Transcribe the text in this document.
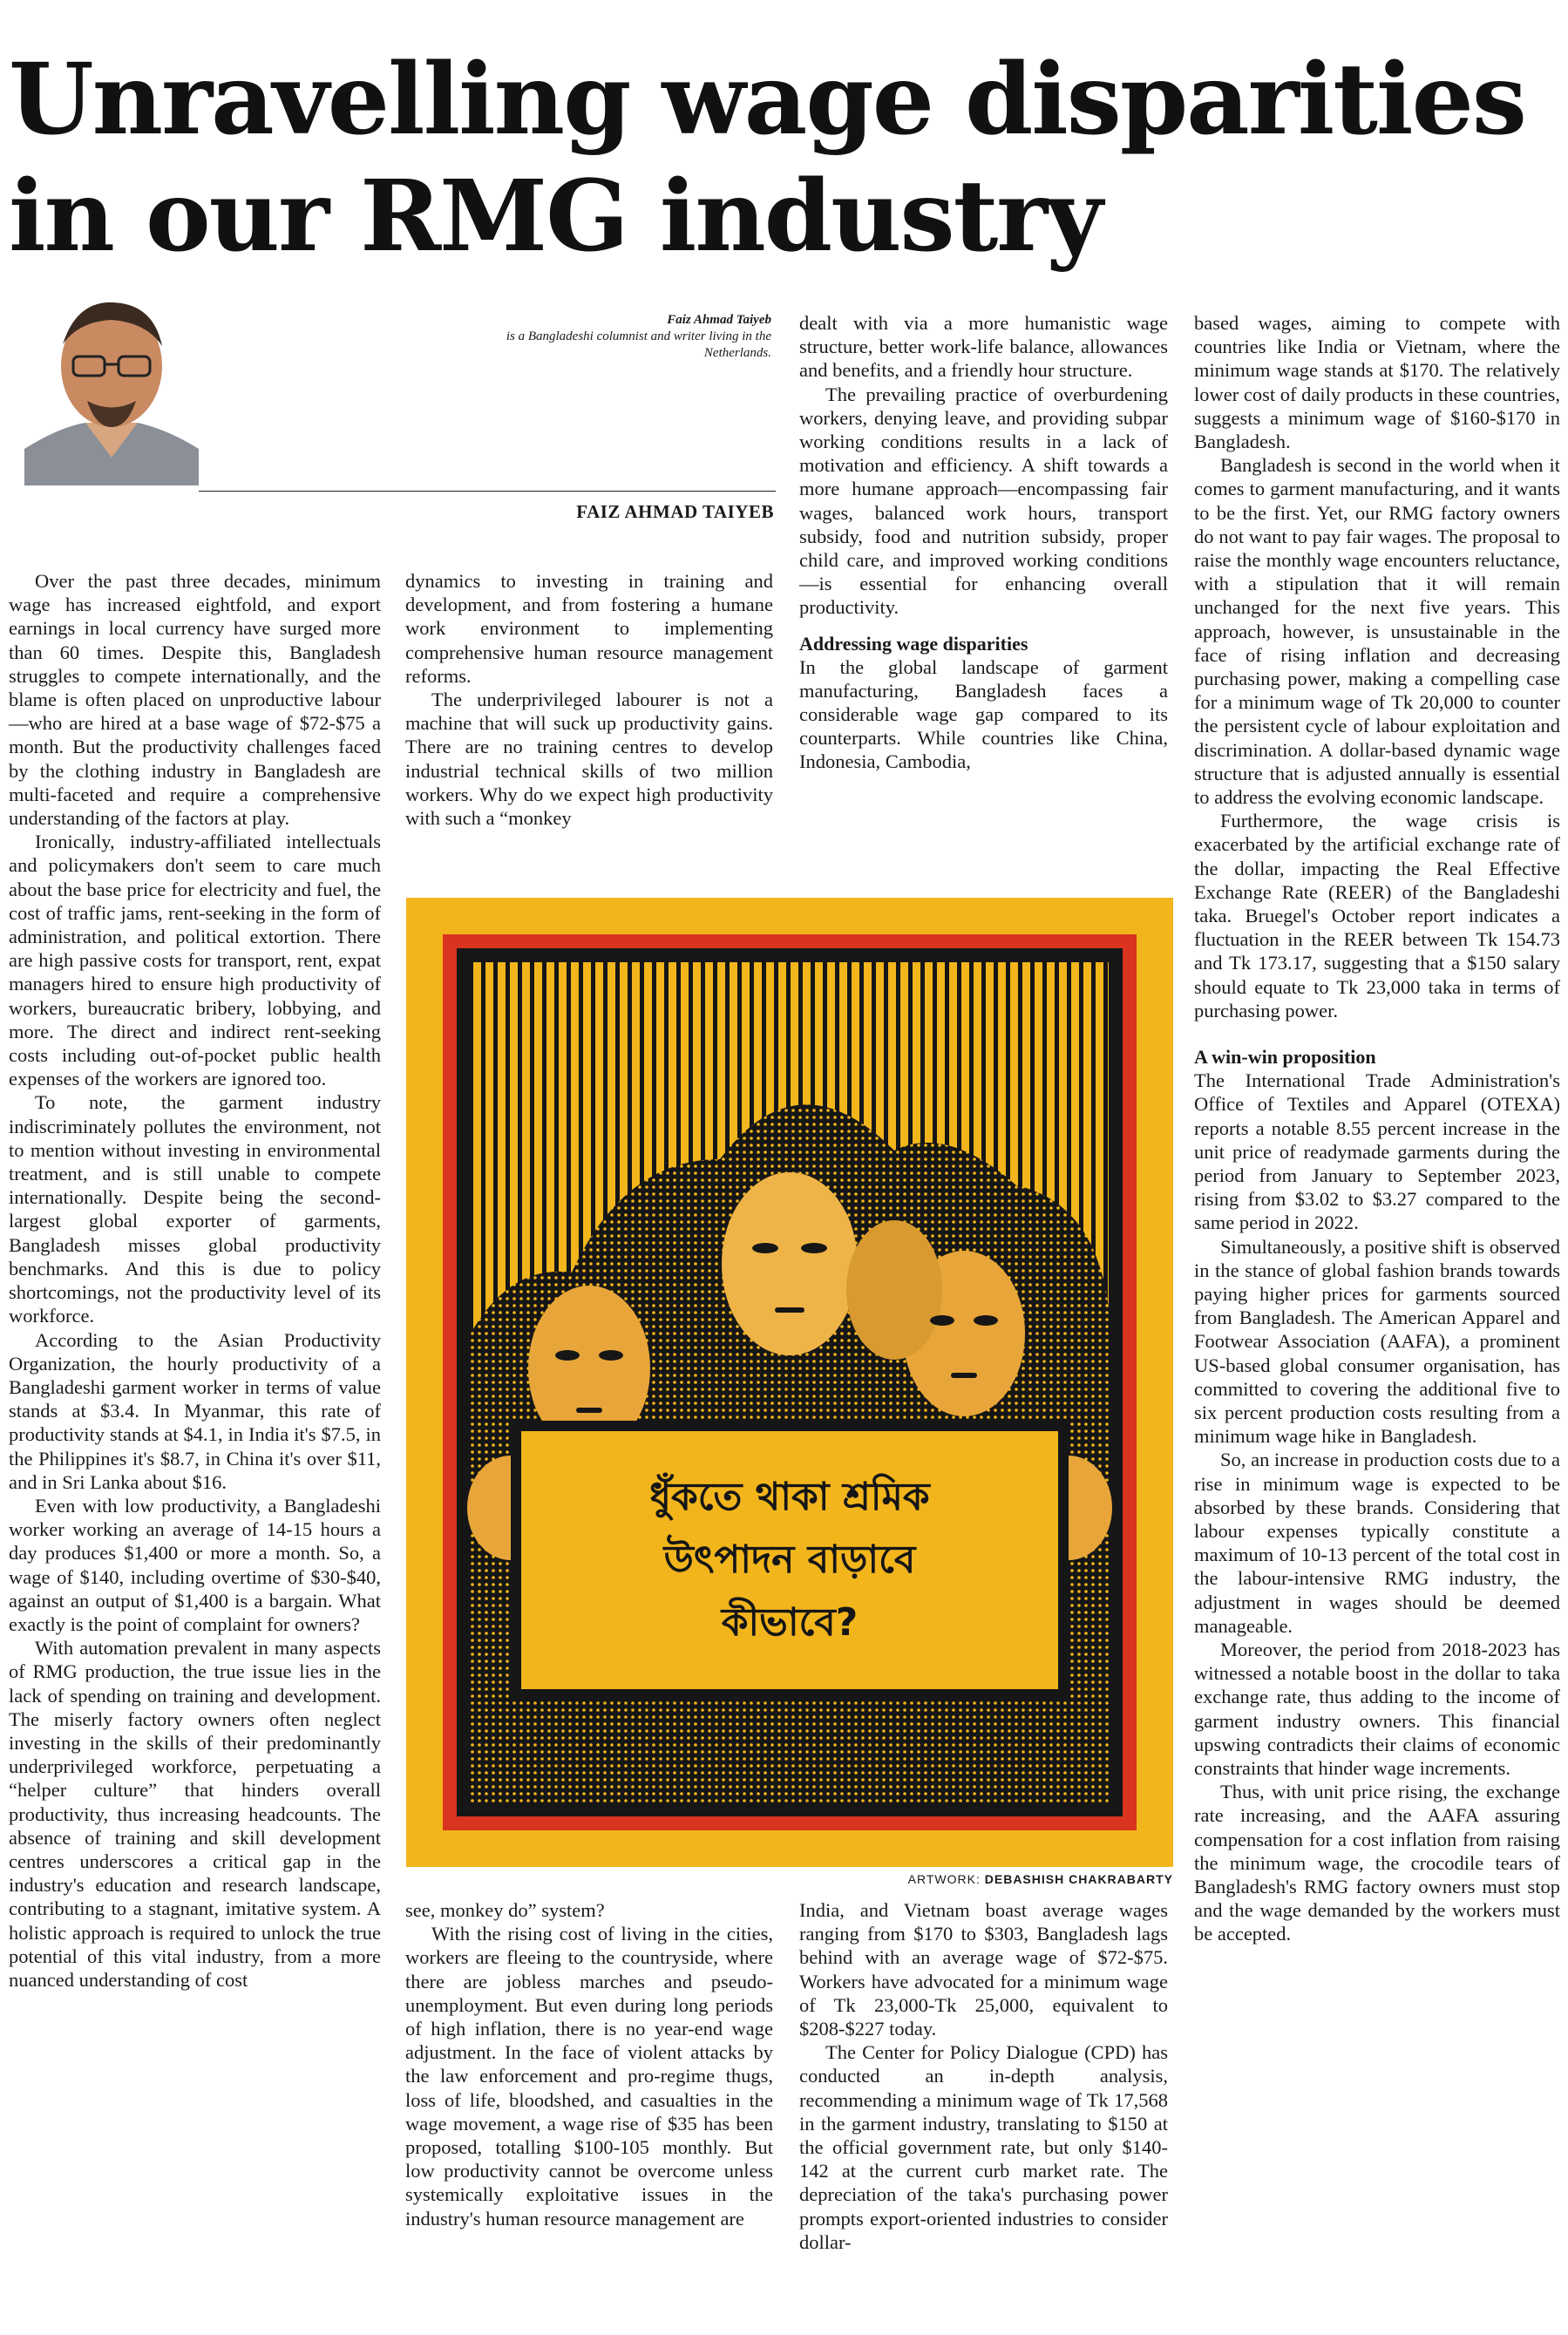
Unravelling wage disparities in our RMG industry
Faiz Ahmad Taiyeb
is a Bangladeshi columnist and writer living in the Netherlands.
FAIZ AHMAD TAIYEB

Over the past three decades, minimum wage has increased eightfold, and export earnings in local currency have surged more than 60 times. Despite this, Bangladesh struggles to compete internationally, and the blame is often placed on unproductive labour—who are hired at a base wage of $72-$75 a month. But the productivity challenges faced by the clothing industry in Bangladesh are multi-faceted and require a comprehensive understanding of the factors at play.

Ironically, industry-affiliated intellectuals and policymakers don't seem to care much about the base price for electricity and fuel, the cost of traffic jams, rent-seeking in the form of administration, and political extortion. There are high passive costs for transport, rent, expat managers hired to ensure high productivity of workers, bureaucratic bribery, lobbying, and more. The direct and indirect rent-seeking costs including out-of-pocket public health expenses of the workers are ignored too.

To note, the garment industry indiscriminately pollutes the environment, not to mention without investing in environmental treatment, and is still unable to compete internationally. Despite being the second-largest global exporter of garments, Bangladesh misses global productivity benchmarks. And this is due to policy shortcomings, not the productivity level of its workforce.

According to the Asian Productivity Organization, the hourly productivity of a Bangladeshi garment worker in terms of value stands at $3.4. In Myanmar, this rate of productivity stands at $4.1, in India it's $7.5, in the Philippines it's $8.7, in China it's over $11, and in Sri Lanka about $16.

Even with low productivity, a Bangladeshi worker working an average of 14-15 hours a day produces $1,400 or more a month. So, a wage of $140, including overtime of $30-$40, against an output of $1,400 is a bargain. What exactly is the point of complaint for owners?

With automation prevalent in many aspects of RMG production, the true issue lies in the lack of spending on training and development. The miserly factory owners often neglect investing in the skills of their predominantly underprivileged workforce, perpetuating a “helper culture” that hinders overall productivity, thus increasing headcounts. The absence of training and skill development centres underscores a critical gap in the industry's education and research landscape, contributing to a stagnant, imitative system. A holistic approach is required to unlock the true potential of this vital industry, from a more nuanced understanding of cost

dynamics to investing in training and development, and from fostering a humane work environment to implementing comprehensive human resource management reforms.

The underprivileged labourer is not a machine that will suck up productivity gains. There are no training centres to develop industrial technical skills of two million workers. Why do we expect high productivity with such a “monkey

dealt with via a more humanistic wage structure, better work-life balance, allowances and benefits, and a friendly hour structure.

The prevailing practice of overburdening workers, denying leave, and providing subpar working conditions results in a lack of motivation and efficiency. A shift towards a more humane approach—encompassing fair wages, balanced work hours, transport subsidy, food and nutrition subsidy, proper child care, and improved working conditions—is essential for enhancing overall productivity.

Addressing wage disparities

In the global landscape of garment manufacturing, Bangladesh faces a considerable wage gap compared to its counterparts. While countries like China, Indonesia, Cambodia,

based wages, aiming to compete with countries like India or Vietnam, where the minimum wage stands at $170. The relatively lower cost of daily products in these countries, suggests a minimum wage of $160-$170 in Bangladesh.

Bangladesh is second in the world when it comes to garment manufacturing, and it wants to be the first. Yet, our RMG factory owners do not want to pay fair wages. The proposal to raise the monthly wage encounters reluctance, with a stipulation that it will remain unchanged for the next five years. This approach, however, is unsustainable in the face of rising inflation and decreasing purchasing power, making a compelling case for a minimum wage of Tk 20,000 to counter the persistent cycle of labour exploitation and discrimination. A dollar-based dynamic wage structure that is adjusted annually is essential to address the evolving economic landscape.

Furthermore, the wage crisis is exacerbated by the artificial exchange rate of the dollar, impacting the Real Effective Exchange Rate (REER) of the Bangladeshi taka. Bruegel's October report indicates a fluctuation in the REER between Tk 154.73 and Tk 173.17, suggesting that a $150 salary should equate to Tk 23,000 taka in terms of purchasing power.

A win-win proposition

The International Trade Administration's Office of Textiles and Apparel (OTEXA) reports a notable 8.55 percent increase in the unit price of readymade garments during the period from January to September 2023, rising from $3.02 to $3.27 compared to the same period in 2022.

Simultaneously, a positive shift is observed in the stance of global fashion brands towards paying higher prices for garments sourced from Bangladesh. The American Apparel and Footwear Association (AAFA), a prominent US-based global consumer organisation, has committed to covering the additional five to six percent production costs resulting from a minimum wage hike in Bangladesh.

So, an increase in production costs due to a rise in minimum wage is expected to be absorbed by these brands. Considering that labour expenses typically constitute a maximum of 10-13 percent of the total cost in the labour-intensive RMG industry, the adjustment in wages should be deemed manageable.

Moreover, the period from 2018-2023 has witnessed a notable boost in the dollar to taka exchange rate, thus adding to the income of garment industry owners. This financial upswing contradicts their claims of economic constraints that hinder wage increments.

Thus, with unit price rising, the exchange rate increasing, and the AAFA assuring compensation for a cost inflation from raising the minimum wage, the crocodile tears of Bangladesh's RMG factory owners must stop and the wage demanded by the workers must be accepted.

see, monkey do” system?

With the rising cost of living in the cities, workers are fleeing to the countryside, where there are jobless marches and pseudo-unemployment. But even during long periods of high inflation, there is no year-end wage adjustment. In the face of violent attacks by the law enforcement and pro-regime thugs, loss of life, bloodshed, and casualties in the wage movement, a wage rise of $35 has been proposed, totalling $100-105 monthly. But low productivity cannot be overcome unless systemically exploitative issues in the industry's human resource management are

India, and Vietnam boast average wages ranging from $170 to $303, Bangladesh lags behind with an average wage of $72-$75. Workers have advocated for a minimum wage of Tk 23,000-Tk 25,000, equivalent to $208-$227 today.

The Center for Policy Dialogue (CPD) has conducted an in-depth analysis, recommending a minimum wage of Tk 17,568 in the garment industry, translating to $150 at the official government rate, but only $140-142 at the current curb market rate. The depreciation of the taka's purchasing power prompts export-oriented industries to consider dollar-

ধুঁকতে থাকা শ্রমিক
উৎপাদন বাড়াবে
কীভাবে?
ARTWORK: DEBASHISH CHAKRABARTY
